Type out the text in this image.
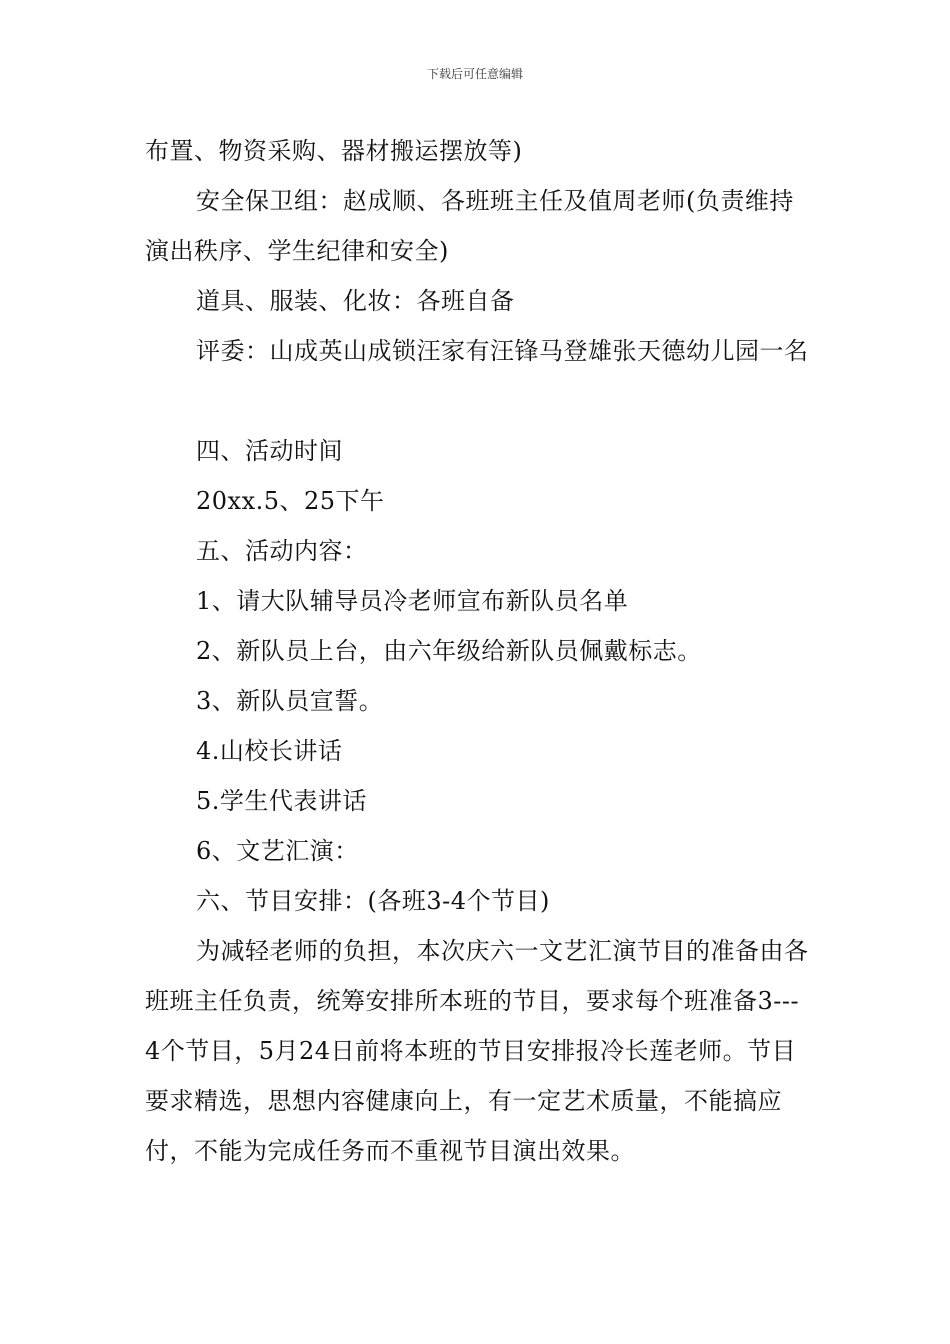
下载后可任意编辑

布置、物资采购、器材搬运摆放等)

安全保卫组：赵成顺、各班班主任及值周老师(负责维持演出秩序、学生纪律和安全)

道具、服装、化妆：各班自备

评委：山成英山成锁汪家有汪锋马登雄张天德幼儿园一名

四、活动时间

20xx.5、25下午

五、活动内容：

1、请大队辅导员冷老师宣布新队员名单

2、新队员上台，由六年级给新队员佩戴标志。

3、新队员宣誓。

4.山校长讲话

5.学生代表讲话

6、文艺汇演：

六、节目安排：(各班3-4个节目)

为减轻老师的负担，本次庆六一文艺汇演节目的准备由各班班主任负责，统筹安排所本班的节目，要求每个班准备3---4个节目，5月24日前将本班的节目安排报冷长莲老师。节目要求精选，思想内容健康向上，有一定艺术质量，不能搞应付，不能为完成任务而不重视节目演出效果。
